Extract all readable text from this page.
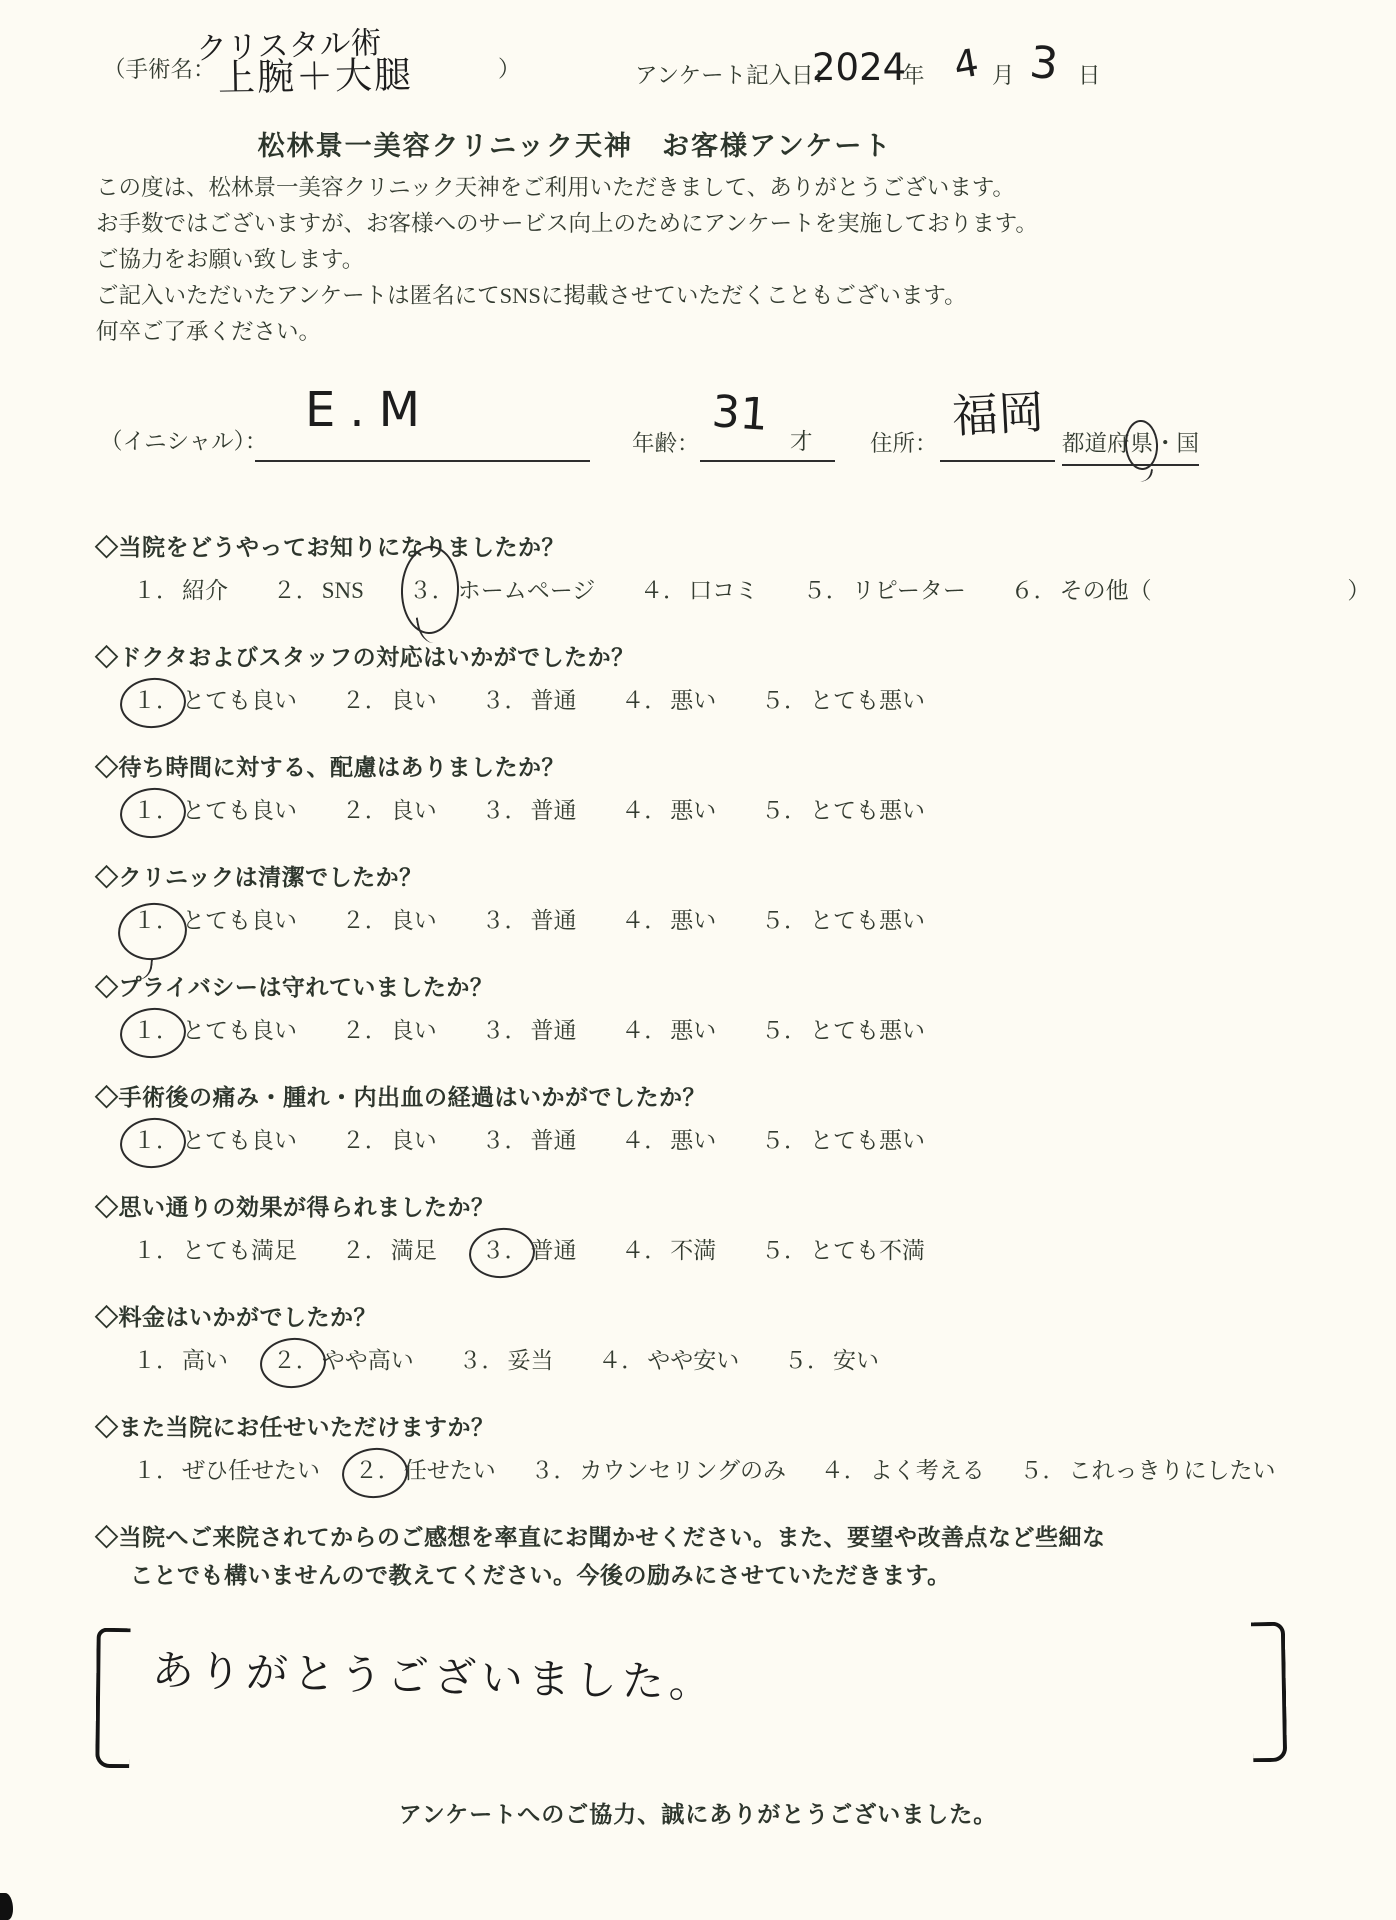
クリスタル術
（手術名： 上腕＋大腿	）	アンケート記入日：
2024
年 4 月 3 日
松林景一美容クリニック天神　お客様アンケート
この度は、松林景一美容クリニック天神をご利用いただきまして、ありがとうございます。
お手数ではございますが、お客様へのサービス向上のためにアンケートを実施しております。
ご協力をお願い致します。
ご記入いただいたアンケートは匿名にてSNSに掲載させていただくこともございます。
何卒ご了承ください。
（イニシャル）：
E.M
年齢：
31
才	住所：
福岡
都道府県・国
◇当院をどうやってお知りになりましたか？
１． 紹介 ２． SNS ３． ホームページ ４． 口コミ ５． リピーター ６． その他（	）
◇ドクタおよびスタッフの対応はいかがでしたか？
１． とても良い ２． 良い ３． 普通 ４． 悪い ５． とても悪い
◇待ち時間に対する、配慮はありましたか？
１． とても良い ２． 良い ３． 普通 ４． 悪い ５． とても悪い
◇クリニックは清潔でしたか？
１． とても良い ２． 良い ３． 普通 ４． 悪い ５． とても悪い
◇プライバシーは守れていましたか？
１． とても良い ２． 良い ３． 普通 ４． 悪い ５． とても悪い
◇手術後の痛み・腫れ・内出血の経過はいかがでしたか？
１． とても良い ２． 良い ３． 普通 ４． 悪い ５． とても悪い
◇思い通りの効果が得られましたか？
１． とても満足 ２． 満足 ３． 普通 ４． 不満 ５． とても不満
◇料金はいかがでしたか？
１． 高い ２． やや高い ３． 妥当 ４． やや安い ５． 安い
◇また当院にお任せいただけますか？
１． ぜひ任せたい ２． 任せたい ３． カウンセリングのみ ４． よく考える ５． これっきりにしたい
◇当院へご来院されてからのご感想を率直にお聞かせください。また、要望や改善点など些細な
ことでも構いませんので教えてください。今後の励みにさせていただきます。
ありがとうございました。
アンケートへのご協力、誠にありがとうございました。
